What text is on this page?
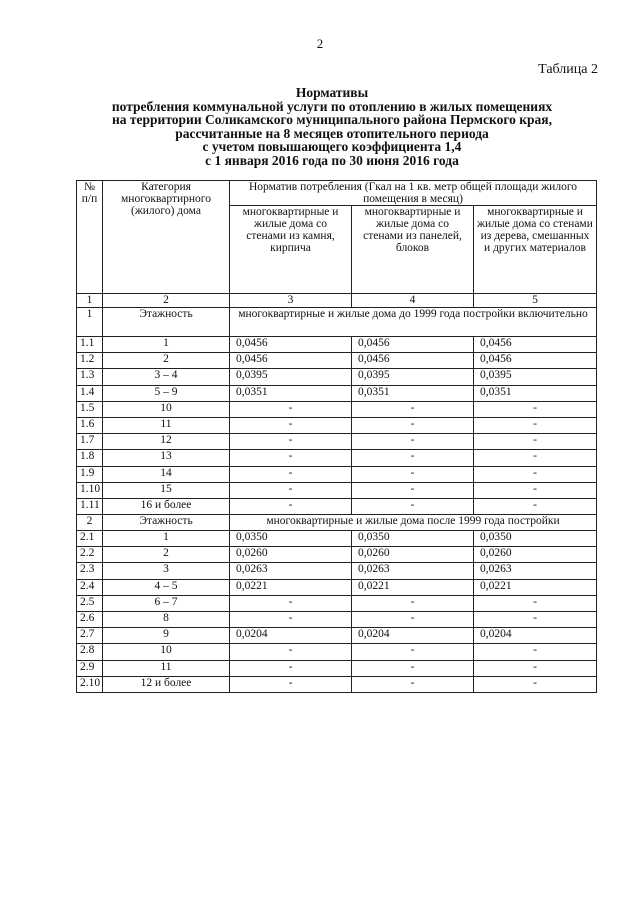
2
Таблица 2
Нормативы
потребления коммунальной услуги по отоплению в жилых помещениях
на территории Соликамского муниципального района Пермского края,
рассчитанные на 8 месяцев отопительного периода
с учетом повышающего коэффициента 1,4
с 1 января 2016 года по 30 июня 2016 года
№ п/п	Категория многоквартирного (жилого) дома	Норматив потребления (Гкал на 1 кв. метр общей площади жилого помещения в месяц)		
		многоквартирные и жилые дома со стенами из камня, кирпича	многоквартирные и жилые дома со стенами из панелей, блоков	многоквартирные и жилые дома со стенами из дерева, смешанных и других материалов
1	2	3	4	5
1	Этажность	многоквартирные и жилые дома до 1999 года постройки включительно		
1.1	1	0,0456	0,0456	0,0456
1.2	2	0,0456	0,0456	0,0456
1.3	3 – 4	0,0395	0,0395	0,0395
1.4	5 – 9	0,0351	0,0351	0,0351
1.5	10	-	-	-
1.6	11	-	-	-
1.7	12	-	-	-
1.8	13	-	-	-
1.9	14	-	-	-
1.10	15	-	-	-
1.11	16 и более	-	-	-
2	Этажность	многоквартирные и жилые дома после 1999 года постройки		
2.1	1	0,0350	0,0350	0,0350
2.2	2	0,0260	0,0260	0,0260
2.3	3	0,0263	0,0263	0,0263
2.4	4 – 5	0,0221	0,0221	0,0221
2.5	6 – 7	-	-	-
2.6	8	-	-	-
2.7	9	0,0204	0,0204	0,0204
2.8	10	-	-	-
2.9	11	-	-	-
2.10	12 и более	-	-	-
